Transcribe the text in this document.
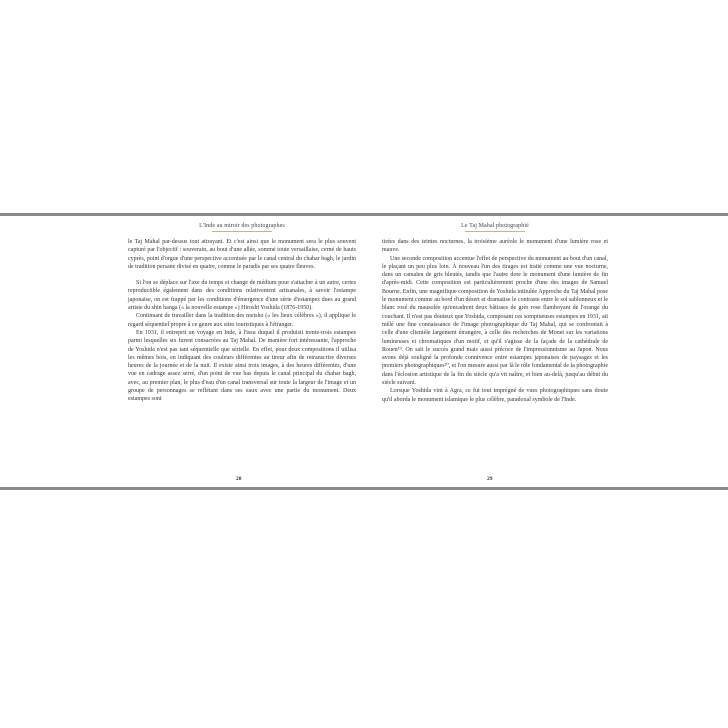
L'Inde au miroir des photographes

le Taj Mahal par-dessus tout attrayant. Et c'est ainsi que le monument sera le plus souvent capturé par l'objectif : souverain, au bout d'une allée, sommé toute versaillaise, cerné de hauts cyprès, point d'orgue d'une perspective accentuée par le canal central du chahar bagh, le jardin de tradition persane divisé en quatre, comme le paradis par ses quatre fleuves.

Si l'on se déplace sur l'axe du temps et change de médium pour s'attacher à un autre, certes reproductible également dans des conditions relativement artisanales, à savoir l'estampe japonaise, on est frappé par les conditions d'émergence d'une série d'estampes dues au grand artiste du shin hanga (« la nouvelle estampe ») Hiroshi Yoshida (1876-1950).

Continuant de travailler dans la tradition des meisho (« les lieux célèbres »), il applique le regard séquentiel propre à ce genre aux sites touristiques à l'étranger.

En 1931, il entreprit un voyage en Inde, à l'issu duquel il produisit trente-trois estampes parmi lesquelles six furent consacrées au Taj Mahal. De manière fort intéressante, l'approche de Yoshida n'est pas tant séquentielle que sérielle. En effet, pour deux compositions il utilisa les mêmes bois, en indiquant des couleurs différentes au tireur afin de retranscrire diverses heures de la journée et de la nuit. Il existe ainsi trois images, à des heures différentes, d'une vue en cadrage assez serré, d'un point de vue bas depuis le canal principal du chahar bagh, avec, au premier plan, le plus d'eau d'un canal transversal sur toute la largeur de l'image et un groupe de personnages se reflétant dans ses eaux avec une partie du monument. Deux estampes sont

28
Le Taj Mahal photographié

tirées dans des teintes nocturnes, la troisième auréole le monument d'une lumière rose et mauve.

Une seconde composition accentue l'effet de perspective du monument au bout d'un canal, le plaçant un peu plus loin. À nouveau l'un des tirages est traité comme une vue nocturne, dans un camaïeu de gris bleutés, tandis que l'autre dore le monument d'une lumière de fin d'après-midi. Cette composition est particulièrement proche d'une des images de Samuel Bourne. Enfin, une magnifique composition de Yoshida intitulée Approche du Taj Mahal pose le monument comme au bord d'un désert et dramatise le contraste entre le sol sablonneux et le blanc rosé du mausolée qu'encadrent deux bâtisses de grès rose flamboyant de l'orangé du couchant. Il n'est pas douteux que Yoshida, composant ces somptueuses estampes en 1931, ait mêlé une fine connaissance de l'image photographique du Taj Mahal, qui se confrontait à celle d'une clientèle largement étrangère, à celle des recherches de Monet sur les variations lumineuses et chromatiques d'un motif, et qu'il s'agisse de la façade de la cathédrale de Rouen¹⁹. On sait le succès grand mais aussi précoce de l'impressionnisme au Japon. Nous avons déjà souligné la profonde connivence entre estampes japonaises de paysages et les premiers photographiques²⁰, et l'on mesure aussi par là le rôle fondamental de la photographie dans l'éclosion artistique de la fin du siècle qu'a vit naître, et bien au-delà, jusqu'au début du siècle suivant.

Lorsque Yoshida vint à Agra, ce fut tout imprégné de vues photographiques sans doute qu'il aborda le monument islamique le plus célèbre, paradoxal symbole de l'Inde.

29
